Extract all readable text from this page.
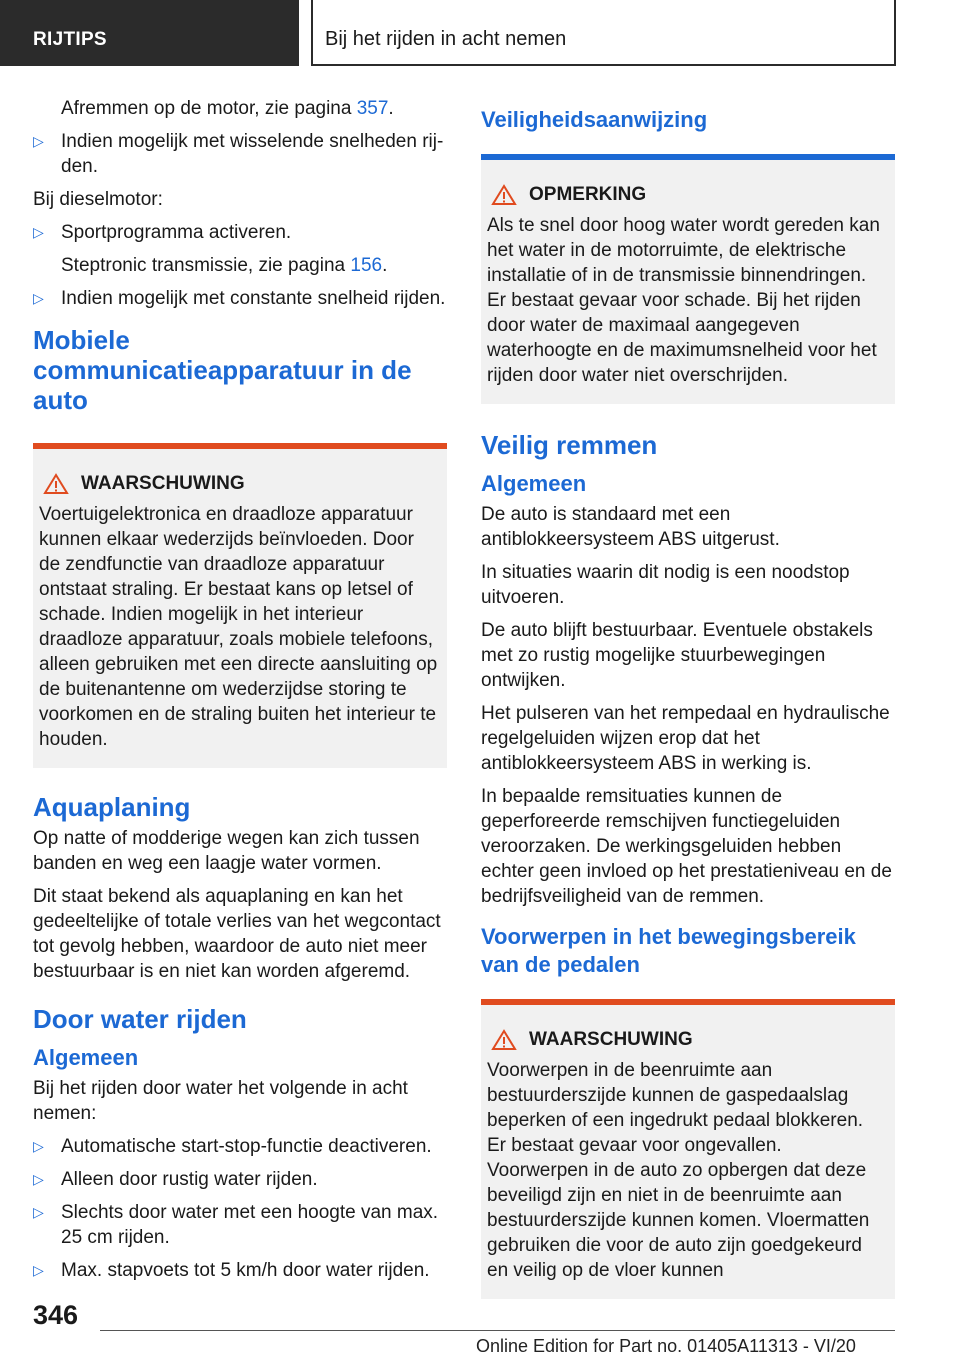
RIJTIPS	Bij het rijden in acht nemen

Afremmen op de motor, zie pagina 357.

▷ Indien mogelijk met wisselende snelheden rijden.

Bij dieselmotor:

▷ Sportprogramma activeren.

Steptronic transmissie, zie pagina 156.

▷ Indien mogelijk met constante snelheid rijden.
Mobiele communicatieapparatuur in de auto
WAARSCHUWING
Voertuigelektronica en draadloze apparatuur kunnen elkaar wederzijds beïnvloeden. Door de zendfunctie van draadloze apparatuur ontstaat straling. Er bestaat kans op letsel of schade. Indien mogelijk in het interieur draadloze apparatuur, zoals mobiele telefoons, alleen gebruiken met een directe aansluiting op de buitenantenne om wederzijdse storing te voorkomen en de straling buiten het interieur te houden.
Aquaplaning

Op natte of modderige wegen kan zich tussen banden en weg een laagje water vormen.

Dit staat bekend als aquaplaning en kan het gedeeltelijke of totale verlies van het wegcontact tot gevolg hebben, waardoor de auto niet meer bestuurbaar is en niet kan worden afgeremd.

Door water rijden
Algemeen

Bij het rijden door water het volgende in acht nemen:

▷ Automatische start-stop-functie deactiveren.
▷ Alleen door rustig water rijden.
▷ Slechts door water met een hoogte van max. 25 cm rijden.
▷ Max. stapvoets tot 5 km/h door water rijden.
Veiligheidsaanwijzing
OPMERKING
Als te snel door hoog water wordt gereden kan het water in de motorruimte, de elektrische installatie of in de transmissie binnendringen. Er bestaat gevaar voor schade. Bij het rijden door water de maximaal aangegeven waterhoogte en de maximumsnelheid voor het rijden door water niet overschrijden.
Veilig remmen
Algemeen

De auto is standaard met een antiblokkeersysteem ABS uitgerust.

In situaties waarin dit nodig is een noodstop uitvoeren.

De auto blijft bestuurbaar. Eventuele obstakels met zo rustig mogelijke stuurbewegingen ontwijken.

Het pulseren van het rempedaal en hydraulische regelgeluiden wijzen erop dat het antiblokkeersysteem ABS in werking is.

In bepaalde remsituaties kunnen de geperforeerde remschijven functiegeluiden veroorzaken. De werkingsgeluiden hebben echter geen invloed op het prestatieniveau en de bedrijfsveiligheid van de remmen.

Voorwerpen in het bewegingsbereik van de pedalen
WAARSCHUWING
Voorwerpen in de beenruimte aan bestuurderszijde kunnen de gaspedaalslag beperken of een ingedrukt pedaal blokkeren. Er bestaat gevaar voor ongevallen. Voorwerpen in de auto zo opbergen dat deze beveiligd zijn en niet in de beenruimte aan bestuurderszijde kunnen komen. Vloermatten gebruiken die voor de auto zijn goedgekeurd en veilig op de vloer kunnen
346
Online Edition for Part no. 01405A11313 - VI/20
